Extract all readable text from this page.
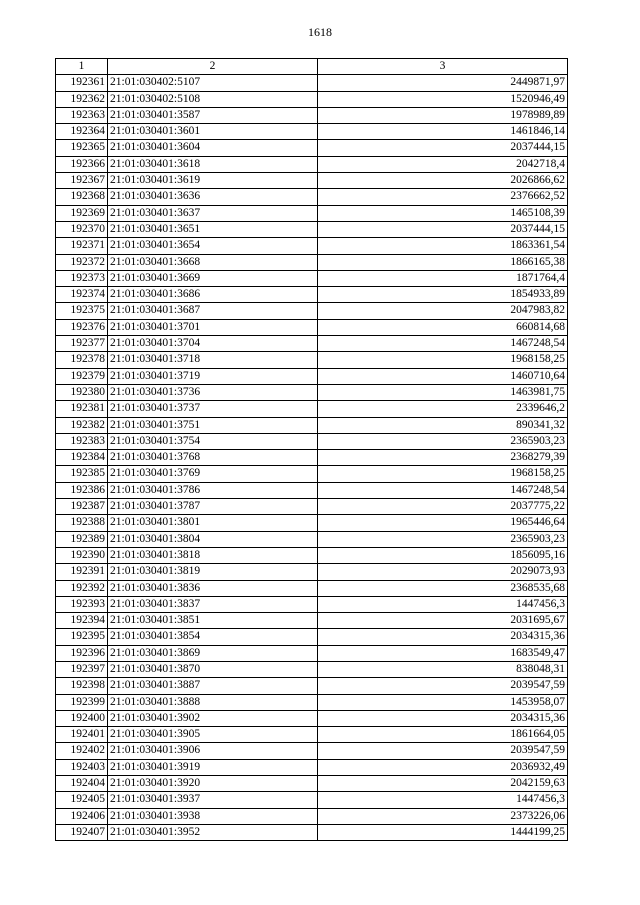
1618
1	2	3
192361	21:01:030402:5107	2449871,97
192362	21:01:030402:5108	1520946,49
192363	21:01:030401:3587	1978989,89
192364	21:01:030401:3601	1461846,14
192365	21:01:030401:3604	2037444,15
192366	21:01:030401:3618	2042718,4
192367	21:01:030401:3619	2026866,62
192368	21:01:030401:3636	2376662,52
192369	21:01:030401:3637	1465108,39
192370	21:01:030401:3651	2037444,15
192371	21:01:030401:3654	1863361,54
192372	21:01:030401:3668	1866165,38
192373	21:01:030401:3669	1871764,4
192374	21:01:030401:3686	1854933,89
192375	21:01:030401:3687	2047983,82
192376	21:01:030401:3701	660814,68
192377	21:01:030401:3704	1467248,54
192378	21:01:030401:3718	1968158,25
192379	21:01:030401:3719	1460710,64
192380	21:01:030401:3736	1463981,75
192381	21:01:030401:3737	2339646,2
192382	21:01:030401:3751	890341,32
192383	21:01:030401:3754	2365903,23
192384	21:01:030401:3768	2368279,39
192385	21:01:030401:3769	1968158,25
192386	21:01:030401:3786	1467248,54
192387	21:01:030401:3787	2037775,22
192388	21:01:030401:3801	1965446,64
192389	21:01:030401:3804	2365903,23
192390	21:01:030401:3818	1856095,16
192391	21:01:030401:3819	2029073,93
192392	21:01:030401:3836	2368535,68
192393	21:01:030401:3837	1447456,3
192394	21:01:030401:3851	2031695,67
192395	21:01:030401:3854	2034315,36
192396	21:01:030401:3869	1683549,47
192397	21:01:030401:3870	838048,31
192398	21:01:030401:3887	2039547,59
192399	21:01:030401:3888	1453958,07
192400	21:01:030401:3902	2034315,36
192401	21:01:030401:3905	1861664,05
192402	21:01:030401:3906	2039547,59
192403	21:01:030401:3919	2036932,49
192404	21:01:030401:3920	2042159,63
192405	21:01:030401:3937	1447456,3
192406	21:01:030401:3938	2373226,06
192407	21:01:030401:3952	1444199,25
